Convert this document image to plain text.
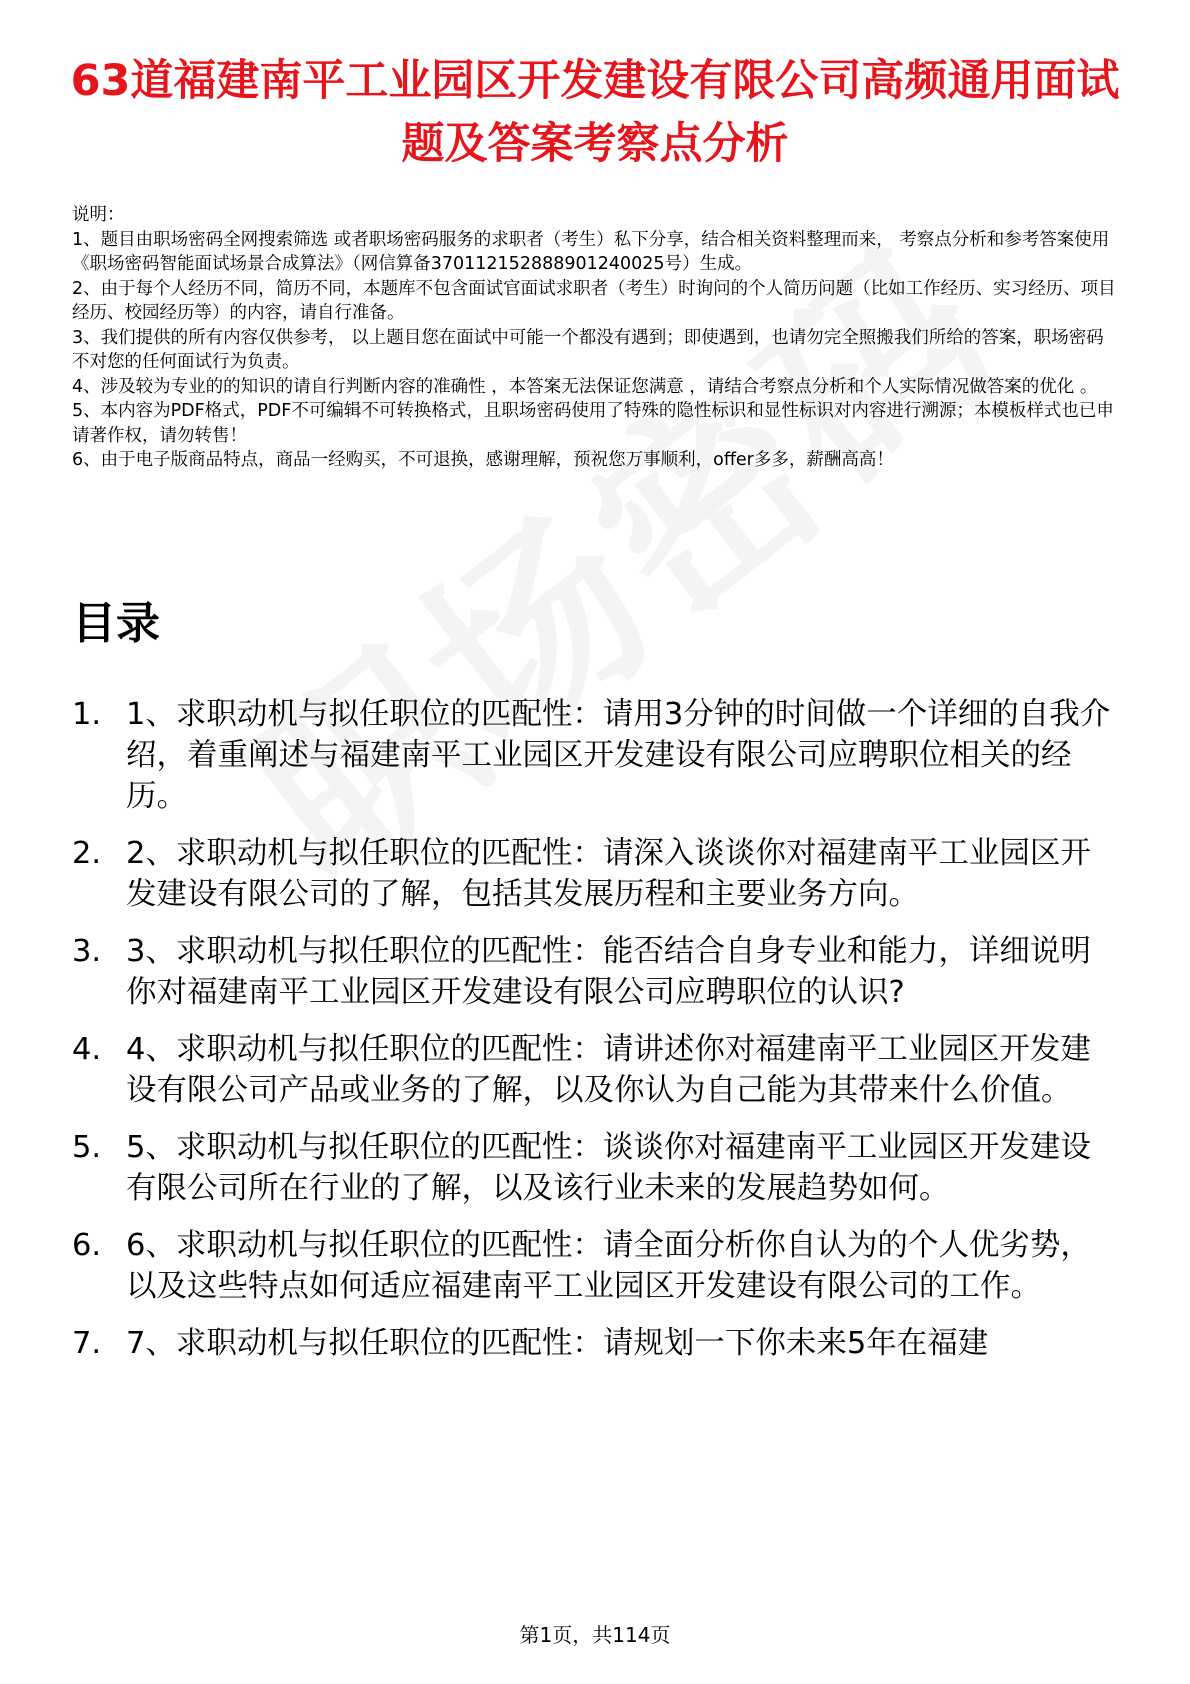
63道福建南平工业园区开发建设有限公司高频通用面试题及答案考察点分析

说明：

1、题目由职场密码全网搜索筛选 或者职场密码服务的求职者（考生）私下分享，结合相关资料整理而来， 考察点分析和参考答案使用《职场密码智能面试场景合成算法》（网信算备370112152888901240025号）生成。

2、由于每个人经历不同，简历不同，本题库不包含面试官面试求职者（考生）时询问的个人简历问题（比如工作经历、实习经历、项目经历、校园经历等）的内容，请自行准备。

3、我们提供的所有内容仅供参考， 以上题目您在面试中可能一个都没有遇到；即使遇到，也请勿完全照搬我们所给的答案，职场密码不对您的任何面试行为负责。

4、涉及较为专业的的知识的请自行判断内容的准确性 ，本答案无法保证您满意 ，请结合考察点分析和个人实际情况做答案的优化 。

5、本内容为PDF格式，PDF不可编辑不可转换格式，且职场密码使用了特殊的隐性标识和显性标识对内容进行溯源；本模板样式也已申请著作权，请勿转售！

6、由于电子版商品特点，商品一经购买，不可退换，感谢理解，预祝您万事顺利，offer多多，薪酬高高！

目录
1. 1、求职动机与拟任职位的匹配性：请用3分钟的时间做一个详细的自我介绍，着重阐述与福建南平工业园区开发建设有限公司应聘职位相关的经历。
2. 2、求职动机与拟任职位的匹配性：请深入谈谈你对福建南平工业园区开发建设有限公司的了解，包括其发展历程和主要业务方向。
3. 3、求职动机与拟任职位的匹配性：能否结合自身专业和能力，详细说明你对福建南平工业园区开发建设有限公司应聘职位的认识?
4. 4、求职动机与拟任职位的匹配性：请讲述你对福建南平工业园区开发建设有限公司产品或业务的了解，以及你认为自己能为其带来什么价值。
5. 5、求职动机与拟任职位的匹配性：谈谈你对福建南平工业园区开发建设有限公司所在行业的了解，以及该行业未来的发展趋势如何。
6. 6、求职动机与拟任职位的匹配性：请全面分析你自认为的个人优劣势，以及这些特点如何适应福建南平工业园区开发建设有限公司的工作。
7. 7、求职动机与拟任职位的匹配性：请规划一下你未来5年在福建
第1页，共114页
